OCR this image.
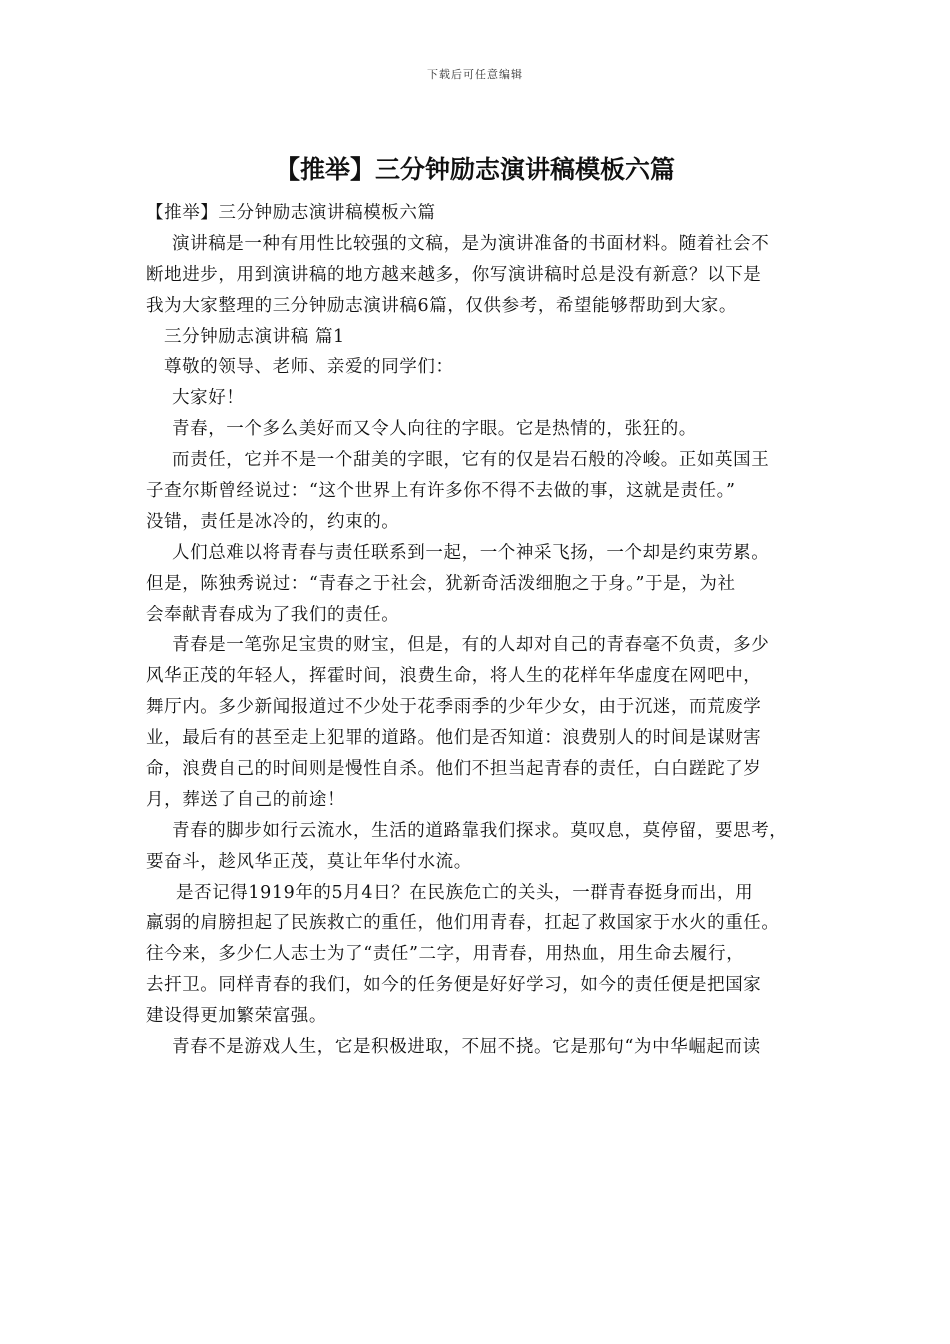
下载后可任意编辑
【推举】三分钟励志演讲稿模板六篇
【推举】三分钟励志演讲稿模板六篇
演讲稿是一种有用性比较强的文稿，是为演讲准备的书面材料。随着社会不
断地进步，用到演讲稿的地方越来越多，你写演讲稿时总是没有新意？以下是
我为大家整理的三分钟励志演讲稿6篇，仅供参考，希望能够帮助到大家。
三分钟励志演讲稿 篇1
尊敬的领导、老师、亲爱的同学们：
大家好！
青春，一个多么美好而又令人向往的字眼。它是热情的，张狂的。
而责任，它并不是一个甜美的字眼，它有的仅是岩石般的冷峻。正如英国王
子查尔斯曾经说过：“这个世界上有许多你不得不去做的事，这就是责任。”
没错，责任是冰冷的，约束的。
人们总难以将青春与责任联系到一起，一个神采飞扬，一个却是约束劳累。
但是，陈独秀说过：“青春之于社会，犹新奇活泼细胞之于身。”于是，为社
会奉献青春成为了我们的责任。
青春是一笔弥足宝贵的财宝，但是，有的人却对自己的青春毫不负责，多少
风华正茂的年轻人，挥霍时间，浪费生命，将人生的花样年华虚度在网吧中，
舞厅内。多少新闻报道过不少处于花季雨季的少年少女，由于沉迷，而荒废学
业，最后有的甚至走上犯罪的道路。他们是否知道：浪费别人的时间是谋财害
命，浪费自己的时间则是慢性自杀。他们不担当起青春的责任，白白蹉跎了岁
月，葬送了自己的前途！
青春的脚步如行云流水，生活的道路靠我们探求。莫叹息，莫停留，要思考，
要奋斗，趁风华正茂，莫让年华付水流。
是否记得1919年的5月4日？在民族危亡的关头，一群青春挺身而出，用
羸弱的肩膀担起了民族救亡的重任，他们用青春，扛起了救国家于水火的重任。
往今来，多少仁人志士为了“责任”二字，用青春，用热血，用生命去履行，
去扞卫。同样青春的我们，如今的任务便是好好学习，如今的责任便是把国家
建设得更加繁荣富强。
青春不是游戏人生，它是积极进取，不屈不挠。它是那句“为中华崛起而读
